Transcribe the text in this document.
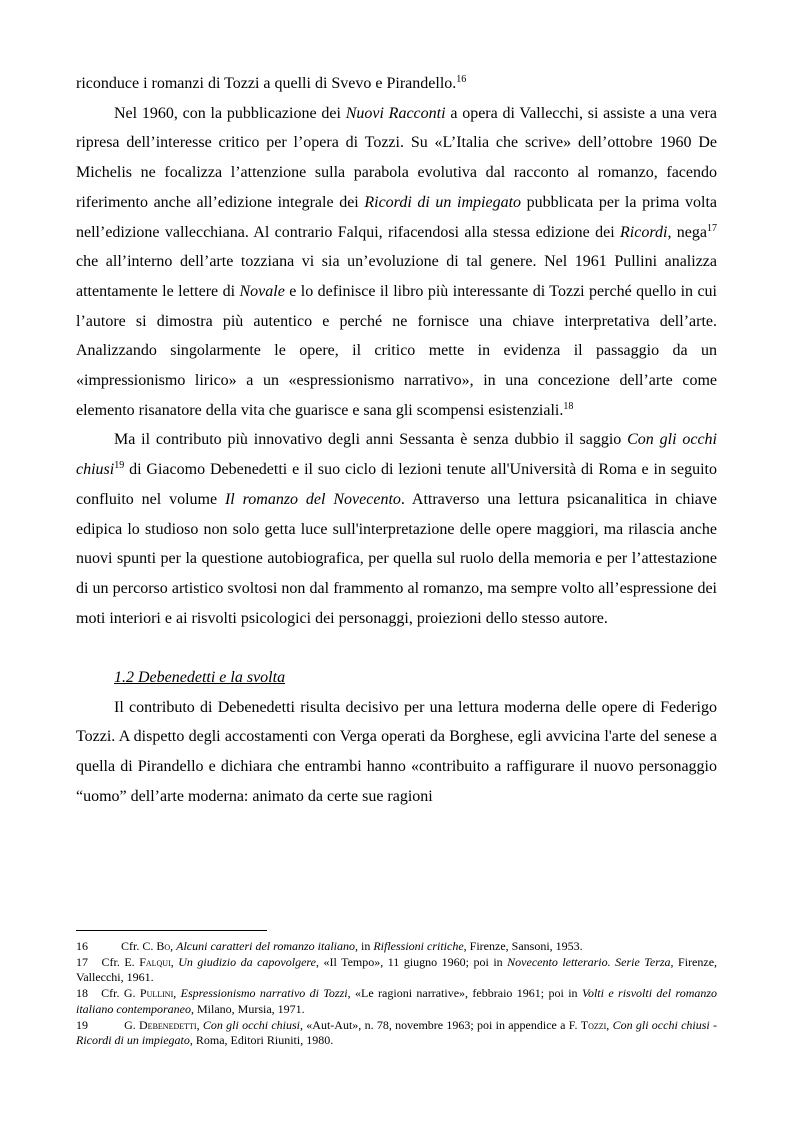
riconduce i romanzi di Tozzi a quelli di Svevo e Pirandello.$^{16}$

Nel 1960, con la pubblicazione dei Nuovi Racconti a opera di Vallecchi, si assiste a una vera ripresa dell’interesse critico per l’opera di Tozzi. Su «L’Italia che scrive» dell’ottobre 1960 De Michelis ne focalizza l’attenzione sulla parabola evolutiva dal racconto al romanzo, facendo riferimento anche all’edizione integrale dei Ricordi di un impiegato pubblicata per la prima volta nell’edizione vallecchiana. Al contrario Falqui, rifacendosi alla stessa edizione dei Ricordi, nega$^{17}$ che all’interno dell’arte tozziana vi sia un’evoluzione di tal genere. Nel 1961 Pullini analizza attentamente le lettere di Novale e lo definisce il libro più interessante di Tozzi perché quello in cui l’autore si dimostra più autentico e perché ne fornisce una chiave interpretativa dell’arte. Analizzando singolarmente le opere, il critico mette in evidenza il passaggio da un «impressionismo lirico» a un «espressionismo narrativo», in una concezione dell’arte come elemento risanatore della vita che guarisce e sana gli scompensi esistenziali.$^{18}$

Ma il contributo più innovativo degli anni Sessanta è senza dubbio il saggio Con gli occhi chiusi$^{19}$ di Giacomo Debenedetti e il suo ciclo di lezioni tenute all'Università di Roma e in seguito confluito nel volume Il romanzo del Novecento. Attraverso una lettura psicanalitica in chiave edipica lo studioso non solo getta luce sull'interpretazione delle opere maggiori, ma rilascia anche nuovi spunti per la questione autobiografica, per quella sul ruolo della memoria e per l’attestazione di un percorso artistico svoltosi non dal frammento al romanzo, ma sempre volto all’espressione dei moti interiori e ai risvolti psicologici dei personaggi, proiezioni dello stesso autore.

1.2 Debenedetti e la svolta

Il contributo di Debenedetti risulta decisivo per una lettura moderna delle opere di Federigo Tozzi. A dispetto degli accostamenti con Verga operati da Borghese, egli avvicina l'arte del senese a quella di Pirandello e dichiara che entrambi hanno «contribuito a raffigurare il nuovo personaggio “uomo” dell’arte moderna: animato da certe sue ragioni

16	Cfr. C. Bo, Alcuni caratteri del romanzo italiano, in Riflessioni critiche, Firenze, Sansoni, 1953.

17 Cfr. E. Falqui, Un giudizio da capovolgere, «Il Tempo», 11 giugno 1960; poi in Novecento letterario. Serie Terza, Firenze, Vallecchi, 1961.

18 Cfr. G. Pullini, Espressionismo narrativo di Tozzi, «Le ragioni narrative», febbraio 1961; poi in Volti e risvolti del romanzo italiano contemporaneo, Milano, Mursia, 1971.

19	G. Debenedetti, Con gli occhi chiusi, «Aut-Aut», n. 78, novembre 1963; poi in appendice a F. Tozzi, Con gli occhi chiusi - Ricordi di un impiegato, Roma, Editori Riuniti, 1980.
